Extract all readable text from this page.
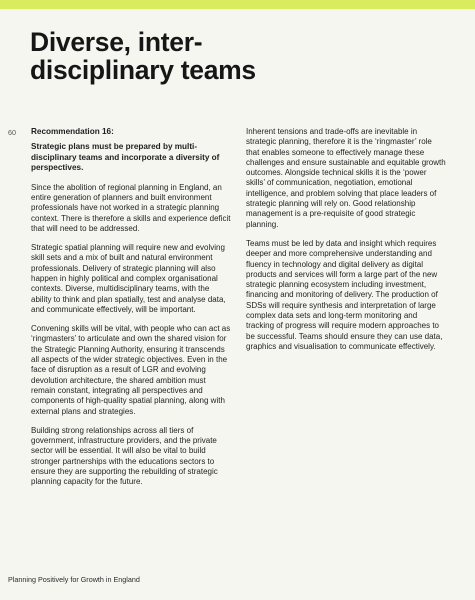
Diverse, inter-
disciplinary teams
60 Recommendation 16:

Strategic plans must be prepared by multi-disciplinary teams and incorporate a diversity of perspectives.

Since the abolition of regional planning in England, an entire generation of planners and built environment professionals have not worked in a strategic planning context. There is therefore a skills and experience deficit that will need to be addressed.

Strategic spatial planning will require new and evolving skill sets and a mix of built and natural environment professionals. Delivery of strategic planning will also happen in highly political and complex organisational contexts. Diverse, multidisciplinary teams, with the ability to think and plan spatially, test and analyse data, and communicate effectively, will be important.

Convening skills will be vital, with people who can act as ‘ringmasters’ to articulate and own the shared vision for the Strategic Planning Authority, ensuring it transcends all aspects of the wider strategic objectives. Even in the face of disruption as a result of LGR and evolving devolution architecture, the shared ambition must remain constant, integrating all perspectives and components of high-quality spatial planning, along with external plans and strategies.

Building strong relationships across all tiers of government, infrastructure providers, and the private sector will be essential. It will also be vital to build stronger partnerships with the educations sectors to ensure they are supporting the rebuilding of strategic planning capacity for the future.

Inherent tensions and trade-offs are inevitable in strategic planning, therefore it is the ‘ringmaster’ role that enables someone to effectively manage these challenges and ensure sustainable and equitable growth outcomes. Alongside technical skills it is the ‘power skills’ of communication, negotiation, emotional intelligence, and problem solving that place leaders of strategic planning will rely on. Good relationship management is a pre-requisite of good strategic planning.

Teams must be led by data and insight which requires deeper and more comprehensive understanding and fluency in technology and digital delivery as digital products and services will form a large part of the new strategic planning ecosystem including investment, financing and monitoring of delivery. The production of SDSs will require synthesis and interpretation of large complex data sets and long-term monitoring and tracking of progress will require modern approaches to be successful. Teams should ensure they can use data, graphics and visualisation to communicate effectively.

Planning Positively for Growth in England
